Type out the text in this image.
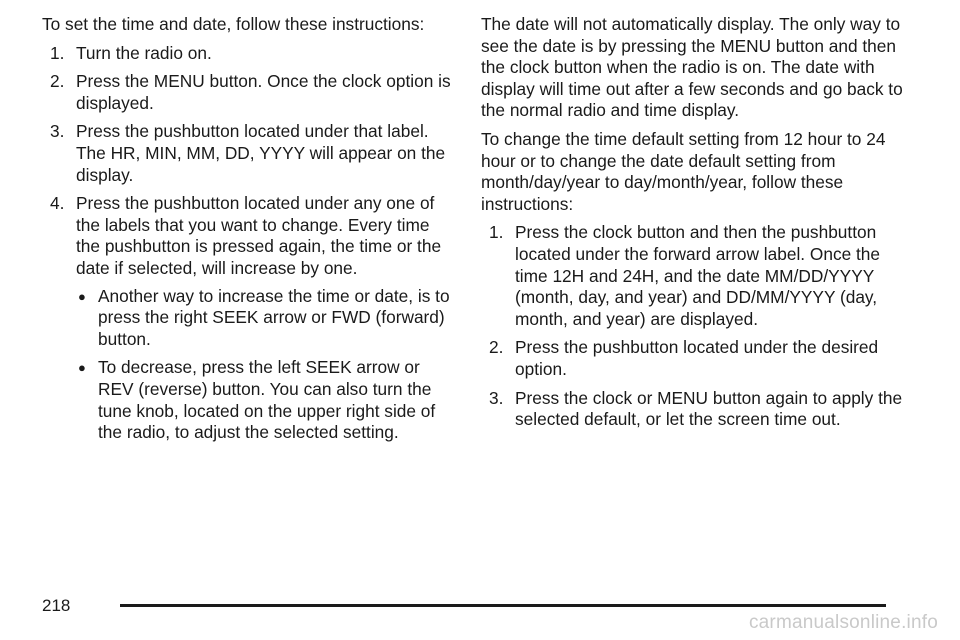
To set the time and date, follow these instructions:

1. Turn the radio on.
2. Press the MENU button. Once the clock option is displayed.
3. Press the pushbutton located under that label. The HR, MIN, MM, DD, YYYY will appear on the display.
4. Press the pushbutton located under any one of the labels that you want to change. Every time the pushbutton is pressed again, the time or the date if selected, will increase by one.
● Another way to increase the time or date, is to press the right SEEK arrow or FWD (forward) button.
● To decrease, press the left SEEK arrow or REV (reverse) button. You can also turn the tune knob, located on the upper right side of the radio, to adjust the selected setting.

The date will not automatically display. The only way to see the date is by pressing the MENU button and then the clock button when the radio is on. The date with display will time out after a few seconds and go back to the normal radio and time display.

To change the time default setting from 12 hour to 24 hour or to change the date default setting from month/day/year to day/month/year, follow these instructions:

1. Press the clock button and then the pushbutton located under the forward arrow label. Once the time 12H and 24H, and the date MM/DD/YYYY (month, day, and year) and DD/MM/YYYY (day, month, and year) are displayed.
2. Press the pushbutton located under the desired option.
3. Press the clock or MENU button again to apply the selected default, or let the screen time out.
218
carmanualsonline.info
